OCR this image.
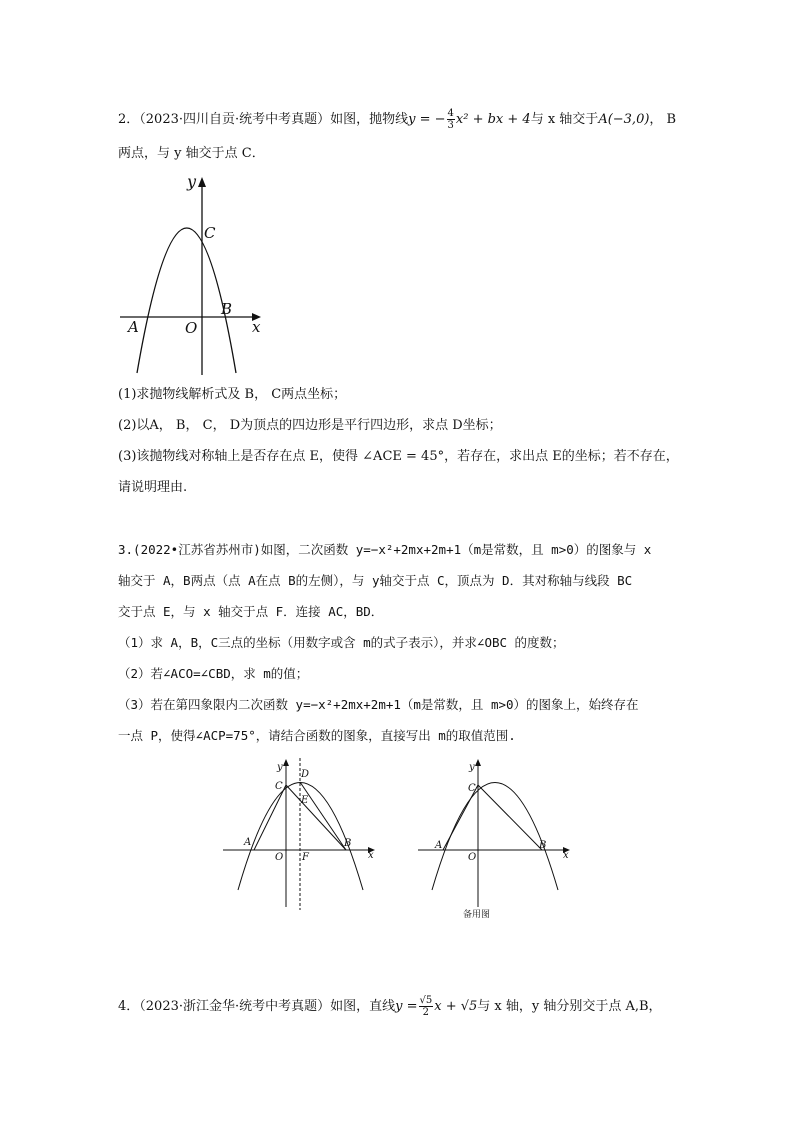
2．（2023·四川自贡·统考中考真题）如图，抛物线y = − $\frac{4}{3} x^2$ + bx + 4与 x 轴交于A(−3,0)， B
两点，与 y 轴交于点 C．
y
C
B
A	O	x
(1)求抛物线解析式及 B， C两点坐标；
(2)以A， B， C， D为顶点的四边形是平行四边形，求点 D坐标；
(3)该抛物线对称轴上是否存在点 E，使得 ∠ACE = 45°，若存在，求出点 E的坐标；若不存在，
请说明理由.
3.(2022•江苏省苏州市)如图，二次函数 y=−x²+2mx+2m+1（m是常数，且 m>0）的图象与 x
轴交于 A，B两点（点 A在点 B的左侧），与 y轴交于点 C，顶点为 D．其对称轴与线段 BC
交于点 E，与 x 轴交于点 F．连接 AC，BD．
（1）求 A，B，C三点的坐标（用数字或含 m的式子表示），并求∠OBC 的度数；
（2）若∠ACO=∠CBD，求 m的值；
（3）若在第四象限内二次函数 y=−x²+2mx+2m+1（m是常数，且 m>0）的图象上，始终存在
一点 P，使得∠ACP=75°，请结合函数的图象，直接写出 m的取值范围.
y
D
C
E
A
O F
B
x
y
C
A
O
B
x
备用图
4．（2023·浙江金华·统考中考真题）如图，直线$y = \frac{√5}{2}$ x + √5与 x 轴，y 轴分别交于点 A,B，
